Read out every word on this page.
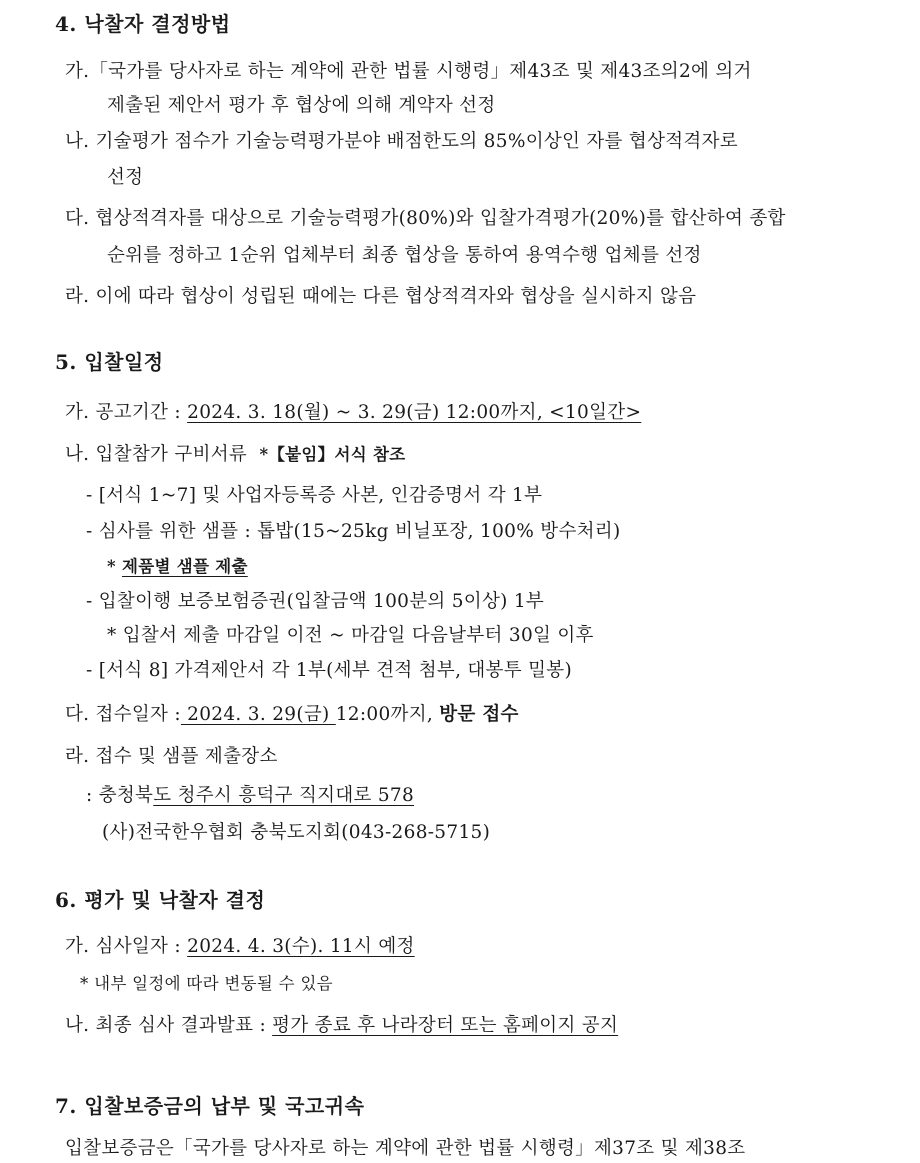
4. 낙찰자 결정방법
가.「국가를 당사자로 하는 계약에 관한 법률 시행령」제43조 및 제43조의2에 의거
제출된 제안서 평가 후 협상에 의해 계약자 선정
나. 기술평가 점수가 기술능력평가분야 배점한도의 85%이상인 자를 협상적격자로
선정
다. 협상적격자를 대상으로 기술능력평가(80%)와 입찰가격평가(20%)를 합산하여 종합
순위를 정하고 1순위 업체부터 최종 협상을 통하여 용역수행 업체를 선정
라. 이에 따라 협상이 성립된 때에는 다른 협상적격자와 협상을 실시하지 않음
5. 입찰일정
가. 공고기간 : 2024. 3. 18(월) ~ 3. 29(금) 12:00까지, <10일간>
나. 입찰참가 구비서류  *【붙임】서식 참조
- [서식 1~7] 및 사업자등록증 사본, 인감증명서 각 1부
- 심사를 위한 샘플 : 톱밥(15~25kg 비닐포장, 100% 방수처리)
* 제품별 샘플 제출
- 입찰이행 보증보험증권(입찰금액 100분의 5이상) 1부
* 입찰서 제출 마감일 이전 ~ 마감일 다음날부터 30일 이후
- [서식 8] 가격제안서 각 1부(세부 견적 첨부, 대봉투 밀봉)
다. 접수일자 : 2024. 3. 29(금) 12:00까지, 방문 접수
라. 접수 및 샘플 제출장소
: 충청북도 청주시 흥덕구 직지대로 578
(사)전국한우협회 충북도지회(043-268-5715)
6. 평가 및 낙찰자 결정
가. 심사일자 : 2024. 4. 3(수). 11시 예정
* 내부 일정에 따라 변동될 수 있음
나. 최종 심사 결과발표 : 평가 종료 후 나라장터 또는 홈페이지 공지
7. 입찰보증금의 납부 및 국고귀속
입찰보증금은「국가를 당사자로 하는 계약에 관한 법률 시행령」제37조 및 제38조
